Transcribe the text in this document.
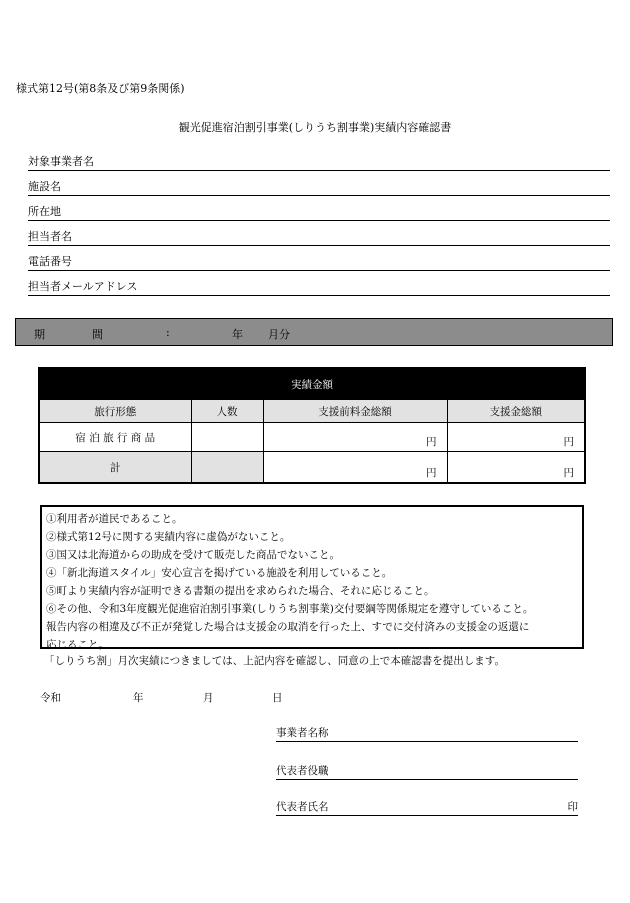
様式第12号(第8条及び第9条関係)
観光促進宿泊割引事業(しりうち割事業)実績内容確認書
対象事業者名
施設名
所在地
担当者名
電話番号
担当者メールアドレス
期	間	:	年 月分
実績金額			
旅行形態	人数	支援前料金総額	支援金総額
宿 泊 旅 行 商 品		円	円

計		円	円
①利用者が道民であること。
②様式第12号に関する実績内容に虚偽がないこと。
③国又は北海道からの助成を受けて販売した商品でないこと。
④「新北海道スタイル」安心宣言を掲げている施設を利用していること。
⑤町より実績内容が証明できる書類の提出を求められた場合、それに応じること。
⑥その他、令和3年度観光促進宿泊割引事業(しりうち割事業)交付要綱等関係規定を遵守していること。
報告内容の相違及び不正が発覚した場合は支援金の取消を行った上、すでに交付済みの支援金の返還に
応じること。
「しりうち割」月次実績につきましては、上記内容を確認し、同意の上で本確認書を提出します。
令和	年	月	日
事業者名称
代表者役職
代表者氏名	印
